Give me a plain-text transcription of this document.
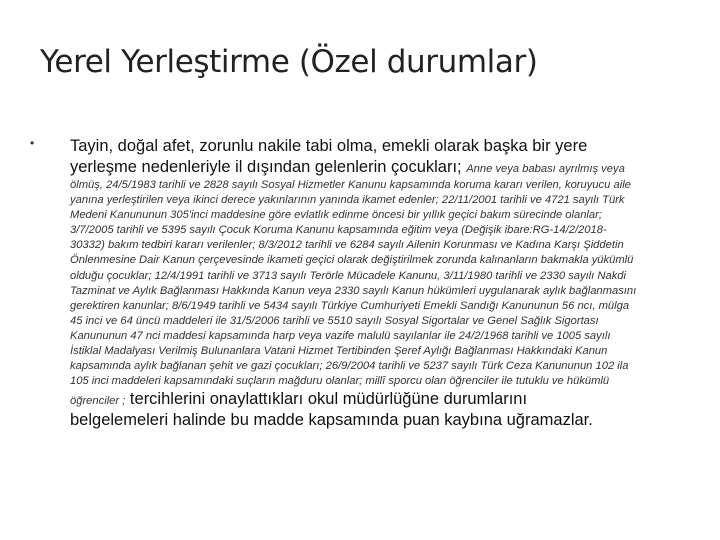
Yerel Yerleştirme (Özel durumlar)
• Tayin, doğal afet, zorunlu nakile tabi olma, emekli olarak başka bir yere
yerleşme nedenleriyle il dışından gelenlerin çocukları; Anne veya babası ayrılmış veya
ölmüş, 24/5/1983 tarihli ve 2828 sayılı Sosyal Hizmetler Kanunu kapsamında koruma kararı verilen, koruyucu aile
yanına yerleştirilen veya ikinci derece yakınlarının yanında ikamet edenler; 22/11/2001 tarihli ve 4721 sayılı Türk
Medeni Kanununun 305'inci maddesine göre evlatlık edinme öncesi bir yıllık geçici bakım sürecinde olanlar;
3/7/2005 tarihli ve 5395 sayılı Çocuk Koruma Kanunu kapsamında eğitim veya (Değişik ibare:RG-14/2/2018-
30332) bakım tedbiri kararı verilenler; 8/3/2012 tarihli ve 6284 sayılı Ailenin Korunması ve Kadına Karşı Şiddetin
Önlenmesine Dair Kanun çerçevesinde ikameti geçici olarak değiştirilmek zorunda kalınanların bakmakla yükümlü
olduğu çocuklar; 12/4/1991 tarihli ve 3713 sayılı Terörle Mücadele Kanunu, 3/11/1980 tarihli ve 2330 sayılı Nakdi
Tazminat ve Aylık Bağlanması Hakkında Kanun veya 2330 sayılı Kanun hükümleri uygulanarak aylık bağlanmasını
gerektiren kanunlar; 8/6/1949 tarihli ve 5434 sayılı Türkiye Cumhuriyeti Emekli Sandığı Kanununun 56 ncı, mülga
45 inci ve 64 üncü maddeleri ile 31/5/2006 tarihli ve 5510 sayılı Sosyal Sigortalar ve Genel Sağlık Sigortası
Kanununun 47 nci maddesi kapsamında harp veya vazife malulü sayılanlar ile 24/2/1968 tarihli ve 1005 sayılı
İstiklal Madalyası Verilmiş Bulunanlara Vatani Hizmet Tertibinden Şeref Aylığı Bağlanması Hakkındaki Kanun
kapsamında aylık bağlanan şehit ve gazi çocukları; 26/9/2004 tarihli ve 5237 sayılı Türk Ceza Kanununun 102 ila
105 inci maddeleri kapsamındaki suçların mağduru olanlar; millî sporcu olan öğrenciler ile tutuklu ve hükümlü
öğrenciler ; tercihlerini onaylattıkları okul müdürlüğüne durumlarını
belgelemeleri halinde bu madde kapsamında puan kaybına uğramazlar.
